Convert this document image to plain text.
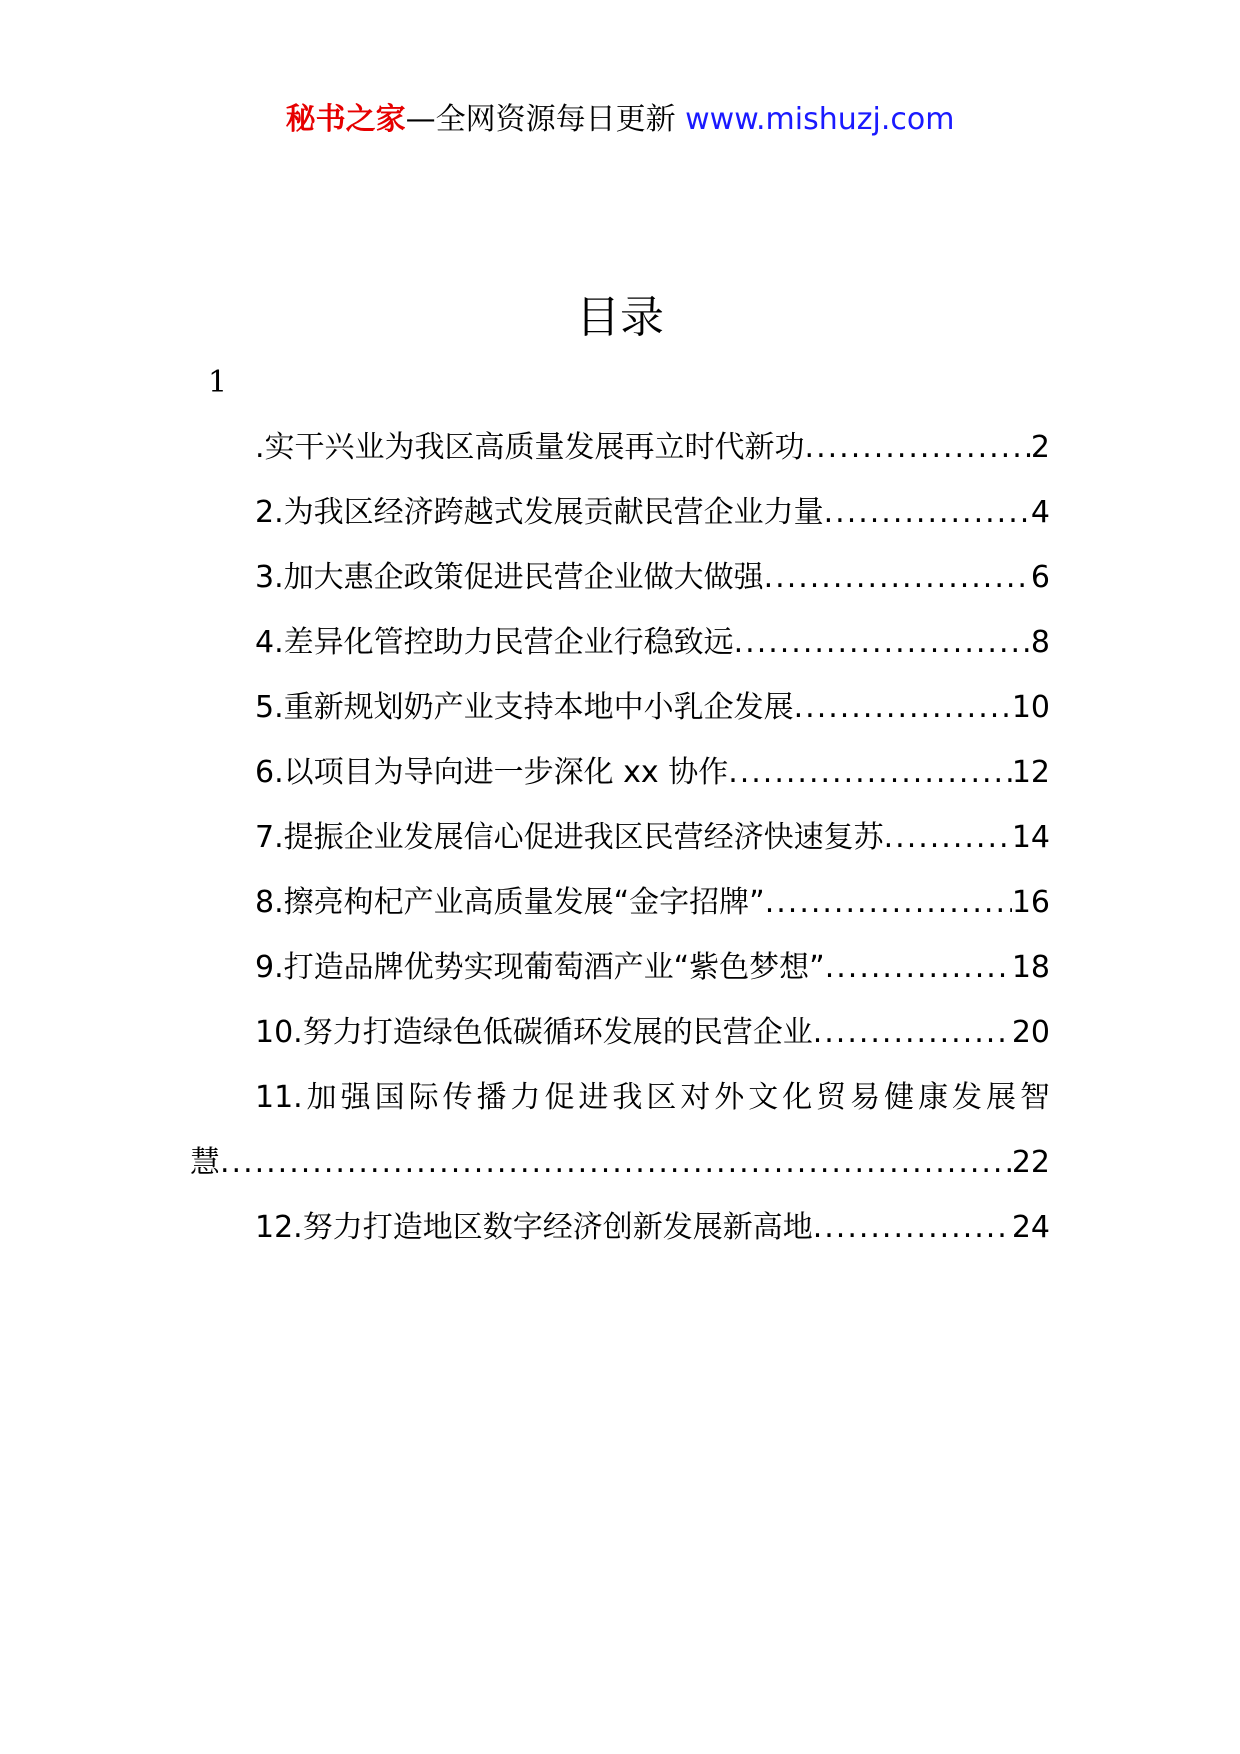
秘书之家—全网资源每日更新 www.mishuzj.com
目录
1
.实干兴业为我区高质量发展再立时代新功 .....	2
2.为我区经济跨越式发展贡献民营企业力量 .....	4
3.加大惠企政策促进民营企业做大做强 .....	6
4.差异化管控助力民营企业行稳致远 .....	8
5.重新规划奶产业支持本地中小乳企发展 .....	10
6.以项目为导向进一步深化 xx 协作 .....	12
7.提振企业发展信心促进我区民营经济快速复苏 .....	14
8.擦亮枸杞产业高质量发展“金字招牌” .....	16
9.打造品牌优势实现葡萄酒产业“紫色梦想” .....	18
10.努力打造绿色低碳循环发展的民营企业 .....	20
11.加强国际传播力促进我区对外文化贸易健康发展智
慧 .....	22
12.努力打造地区数字经济创新发展新高地 .....	24
